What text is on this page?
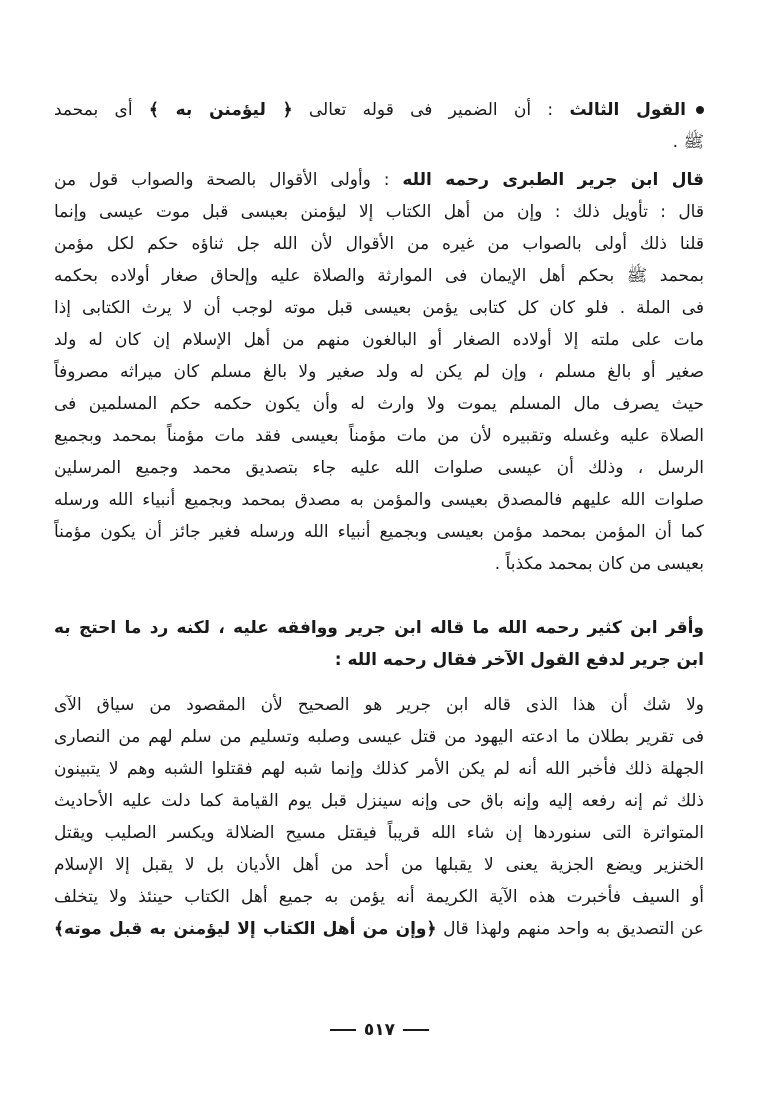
القول الثالث : أن الضمير فى قوله تعالى ﴿ ليؤمنن به ﴾ أى بمحمد
ﷺ .
قال ابن جرير الطبرى رحمه الله : وأولى الأقوال بالصحة والصواب قول من
قال : تأويل ذلك : وإن من أهل الكتاب إلا ليؤمنن بعيسى قبل موت عيسى وإنما
قلنا ذلك أولى بالصواب من غيره من الأقوال لأن الله جل ثناؤه حكم لكل مؤمن
بمحمد ﷺ بحكم أهل الإيمان فى الموارثة والصلاة عليه وإلحاق صغار أولاده بحكمه
فى الملة . فلو كان كل كتابى يؤمن بعيسى قبل موته لوجب أن لا يرث الكتابى إذا
مات على ملته إلا أولاده الصغار أو البالغون منهم من أهل الإسلام إن كان له ولد
صغير أو بالغ مسلم ، وإن لم يكن له ولد صغير ولا بالغ مسلم كان ميراثه مصروفاً
حيث يصرف مال المسلم يموت ولا وارث له وأن يكون حكمه حكم المسلمين فى
الصلاة عليه وغسله وتقبيره لأن من مات مؤمناً بعيسى فقد مات مؤمناً بمحمد وبجميع
الرسل ، وذلك أن عيسى صلوات الله عليه جاء بتصديق محمد وجميع المرسلين
صلوات الله عليهم فالمصدق بعيسى والمؤمن به مصدق بمحمد وبجميع أنبياء الله ورسله
كما أن المؤمن بمحمد مؤمن بعيسى وبجميع أنبياء الله ورسله فغير جائز أن يكون مؤمناً
بعيسى من كان بمحمد مكذباً .
وأقر ابن كثير رحمه الله ما قاله ابن جرير ووافقه عليه ، لكنه رد ما احتج به
ابن جرير لدفع القول الآخر فقال رحمه الله :
ولا شك أن هذا الذى قاله ابن جرير هو الصحيح لأن المقصود من سياق الآى
فى تقرير بطلان ما ادعته اليهود من قتل عيسى وصلبه وتسليم من سلم لهم من النصارى
الجهلة ذلك فأخبر الله أنه لم يكن الأمر كذلك وإنما شبه لهم فقتلوا الشبه وهم لا يتبينون
ذلك ثم إنه رفعه إليه وإنه باق حى وإنه سينزل قبل يوم القيامة كما دلت عليه الأحاديث
المتواترة التى سنوردها إن شاء الله قريباً فيقتل مسيح الضلالة ويكسر الصليب ويقتل
الخنزير ويضع الجزية يعنى لا يقبلها من أحد من أهل الأديان بل لا يقبل إلا الإسلام
أو السيف فأخبرت هذه الآية الكريمة أنه يؤمن به جميع أهل الكتاب حينئذ ولا يتخلف
عن التصديق به واحد منهم ولهذا قال ﴿وإن من أهل الكتاب إلا ليؤمنن به قبل موته﴾
٥١٧
